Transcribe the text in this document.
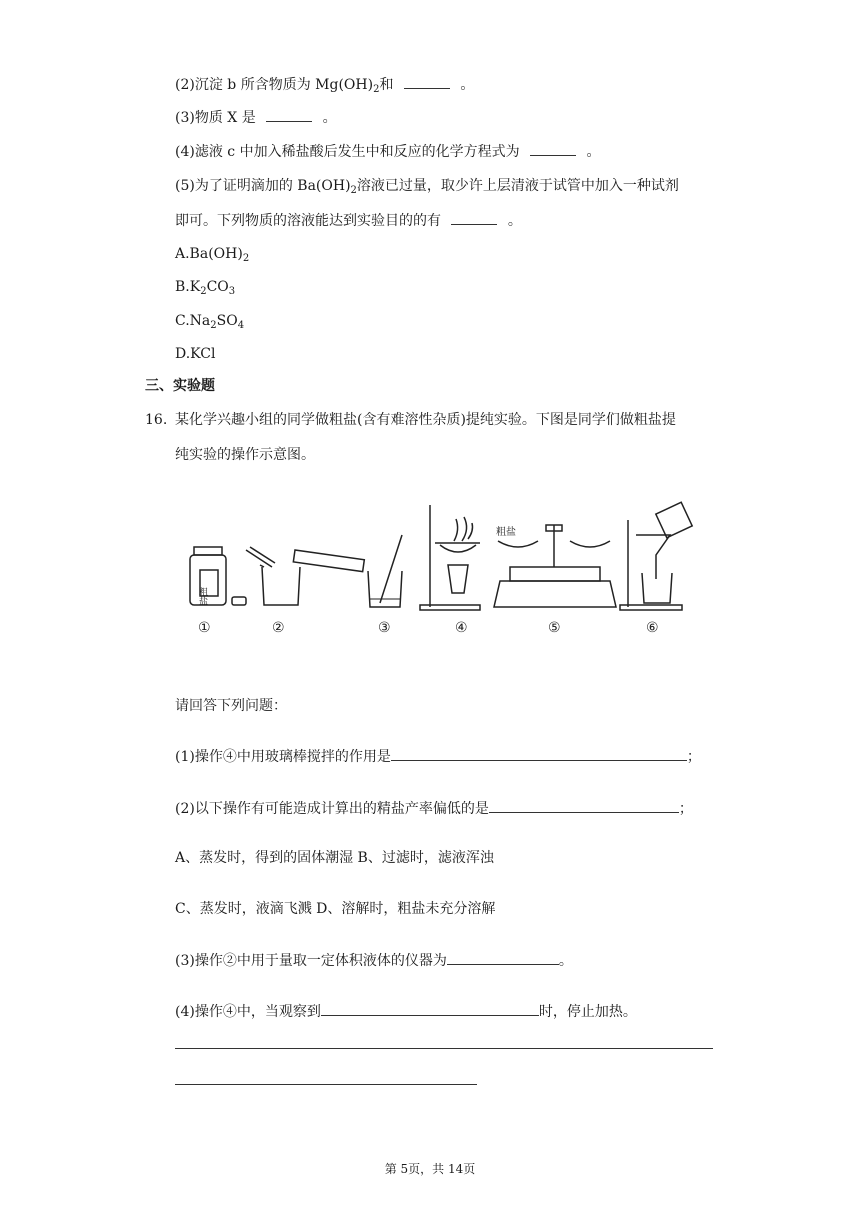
(2)沉淀 b 所含物质为 $Mg(OH)_2$和	。
(3)物质 X 是	。
(4)滤液 c 中加入稀盐酸后发生中和反应的化学方程式为	。
(5)为了证明滴加的 $Ba(OH)_2$溶液已过量，取少许上层清液于试管中加入一种试剂
即可。下列物质的溶液能达到实验目的的有	。
$A.Ba(OH)_2$
$B.K_2CO_3$
$C.Na_2SO_4$
D.KCl
三、实验题
16. 某化学兴趣小组的同学做粗盐(含有难溶性杂质)提纯实验。下图是同学们做粗盐提
纯实验的操作示意图。
粗盐
粗盐
①	②	③	④	⑤	⑥
请回答下列问题：
(1)操作④中用玻璃棒搅拌的作用是	；
(2)以下操作有可能造成计算出的精盐产率偏低的是	；
A、蒸发时，得到的固体潮湿 B、过滤时，滤液浑浊
C、蒸发时，液滴飞溅 D、溶解时，粗盐未充分溶解
(3)操作②中用于量取一定体积液体的仪器为	。
(4)操作④中，当观察到	时，停止加热。
第 5页，共 14页
